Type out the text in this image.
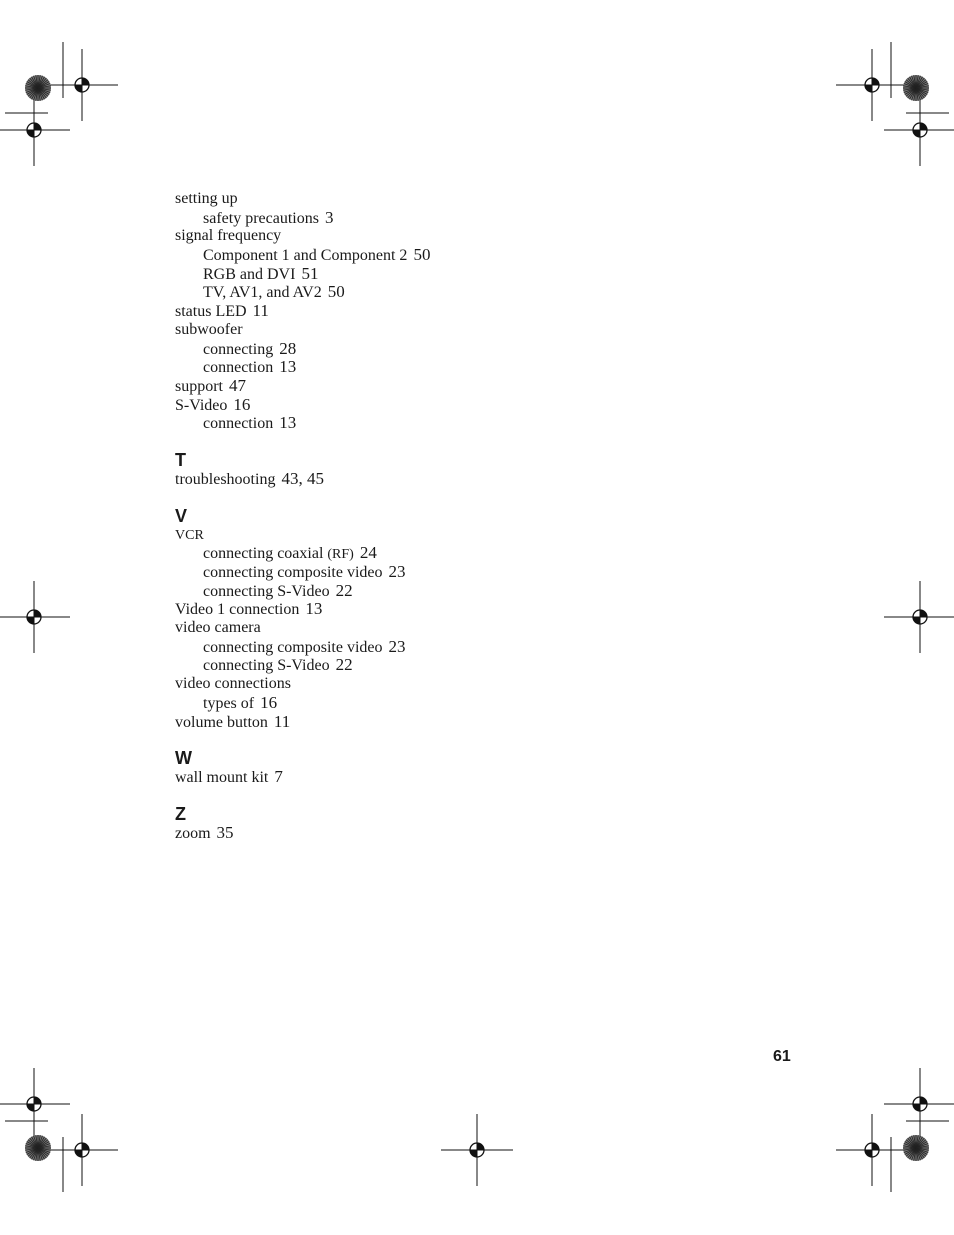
setting up
safety precautions 3
signal frequency
Component 1 and Component 2 50
RGB and DVI 51
TV, AV1, and AV2 50
status LED 11
subwoofer
connecting 28
connection 13
support 47
S-Video 16
connection 13
T
troubleshooting 43, 45
V
VCR
connecting coaxial (RF) 24
connecting composite video 23
connecting S-Video 22
Video 1 connection 13
video camera
connecting composite video 23
connecting S-Video 22
video connections
types of 16
volume button 11
W
wall mount kit 7
Z
zoom 35
61
